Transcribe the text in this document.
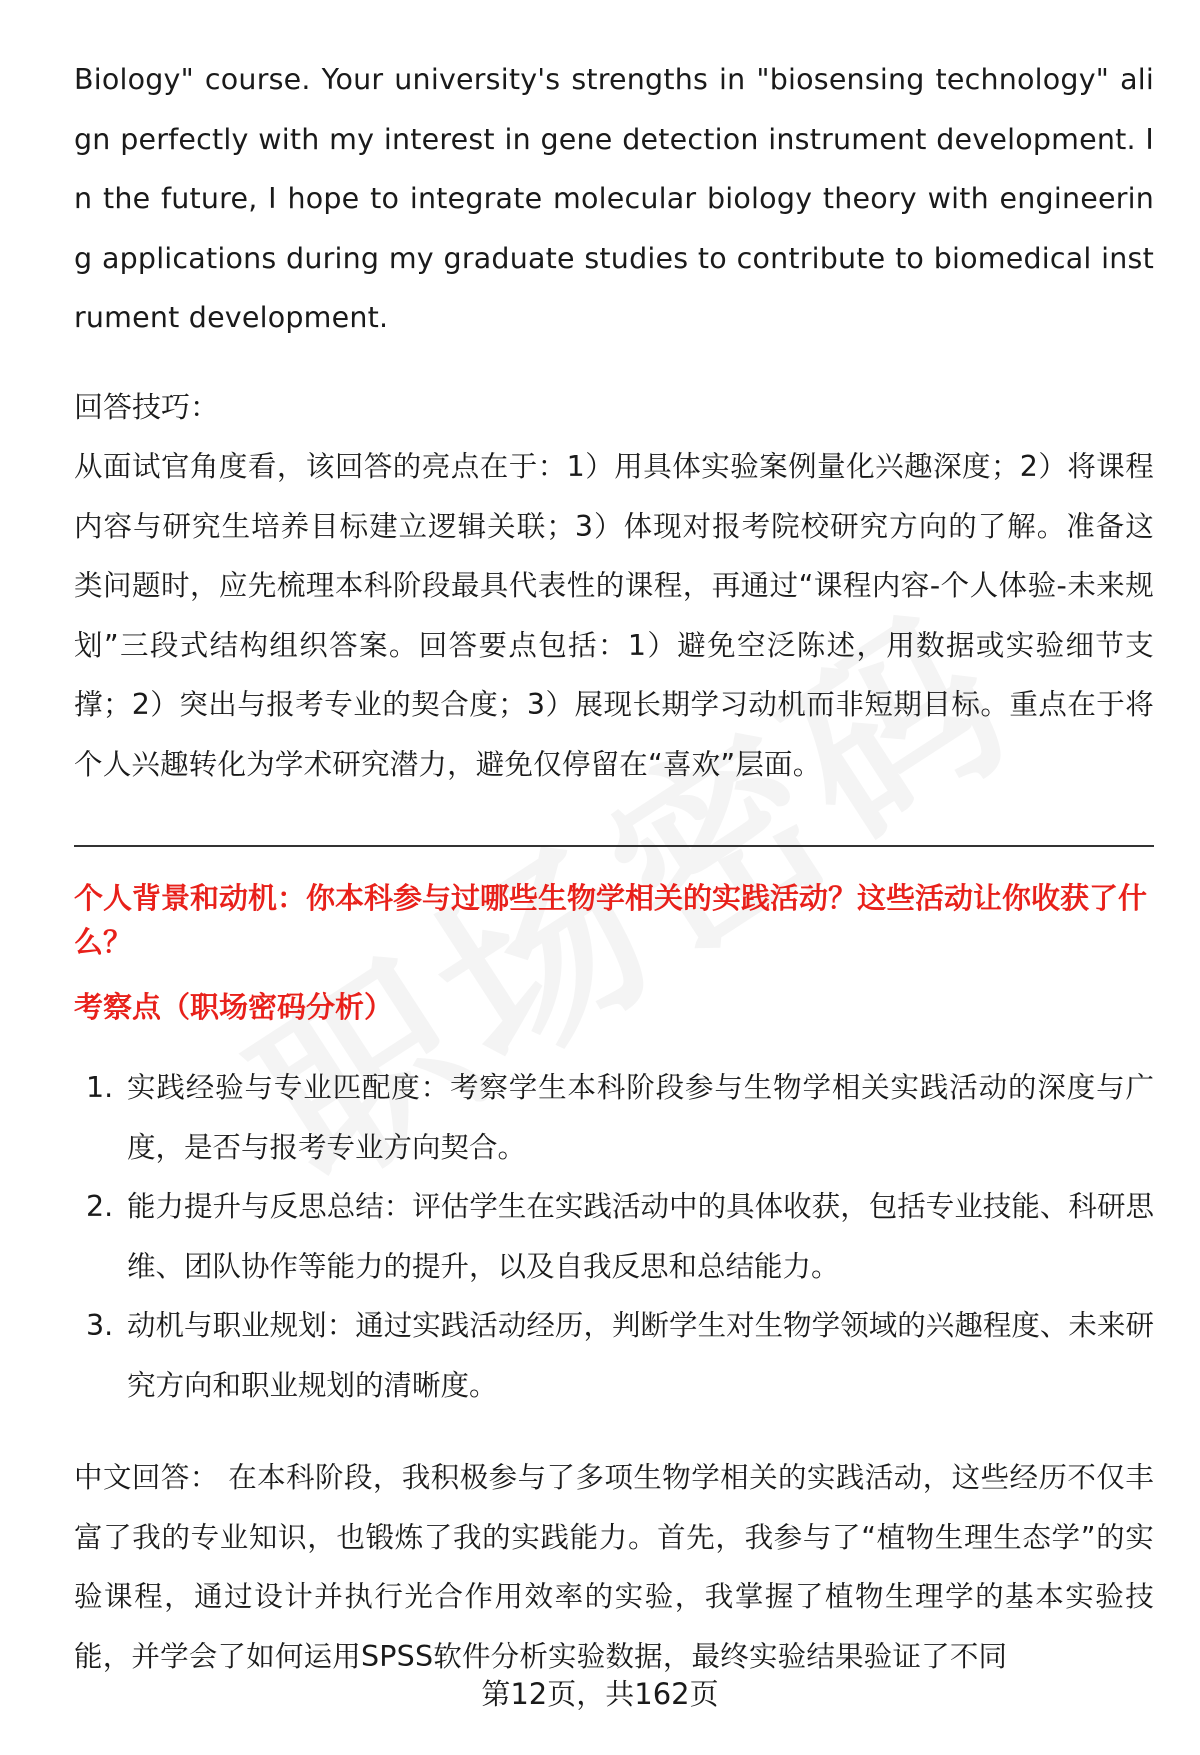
Biology" course. Your university's strengths in "biosensing technology" align perfectly with my interest in gene detection instrument development. In the future, I hope to integrate molecular biology theory with engineering applications during my graduate studies to contribute to biomedical instrument development.

回答技巧：

从面试官角度看，该回答的亮点在于：1）用具体实验案例量化兴趣深度；2）将课程内容与研究生培养目标建立逻辑关联；3）体现对报考院校研究方向的了解。准备这类问题时，应先梳理本科阶段最具代表性的课程，再通过“课程内容-个人体验-未来规划”三段式结构组织答案。回答要点包括：1）避免空泛陈述，用数据或实验细节支撑；2）突出与报考专业的契合度；3）展现长期学习动机而非短期目标。重点在于将个人兴趣转化为学术研究潜力，避免仅停留在“喜欢”层面。

个人背景和动机：你本科参与过哪些生物学相关的实践活动？这些活动让你收获了什么？

考察点（职场密码分析）
1. 实践经验与专业匹配度：考察学生本科阶段参与生物学相关实践活动的深度与广度，是否与报考专业方向契合。
2. 能力提升与反思总结：评估学生在实践活动中的具体收获，包括专业技能、科研思维、团队协作等能力的提升，以及自我反思和总结能力。
3. 动机与职业规划：通过实践活动经历，判断学生对生物学领域的兴趣程度、未来研究方向和职业规划的清晰度。

中文回答： 在本科阶段，我积极参与了多项生物学相关的实践活动，这些经历不仅丰富了我的专业知识，也锻炼了我的实践能力。首先，我参与了“植物生理生态学”的实验课程，通过设计并执行光合作用效率的实验，我掌握了植物生理学的基本实验技能，并学会了如何运用SPSS软件分析实验数据，最终实验结果验证了不同

第12页，共162页
